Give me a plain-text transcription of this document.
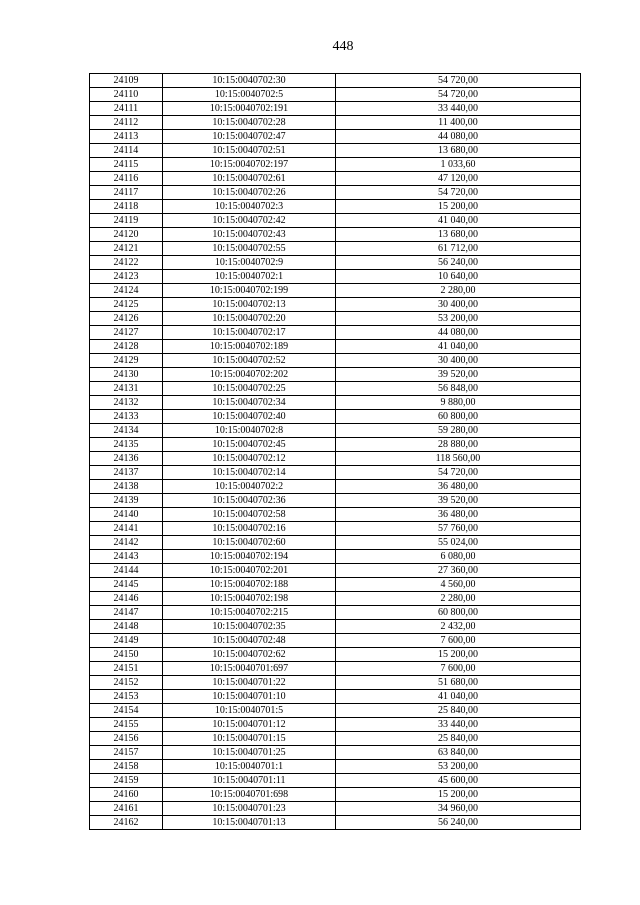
448
24109	10:15:0040702:30	54 720,00
24110	10:15:0040702:5	54 720,00
24111	10:15:0040702:191	33 440,00
24112	10:15:0040702:28	11 400,00
24113	10:15:0040702:47	44 080,00
24114	10:15:0040702:51	13 680,00
24115	10:15:0040702:197	1 033,60
24116	10:15:0040702:61	47 120,00
24117	10:15:0040702:26	54 720,00
24118	10:15:0040702:3	15 200,00
24119	10:15:0040702:42	41 040,00
24120	10:15:0040702:43	13 680,00
24121	10:15:0040702:55	61 712,00
24122	10:15:0040702:9	56 240,00
24123	10:15:0040702:1	10 640,00
24124	10:15:0040702:199	2 280,00
24125	10:15:0040702:13	30 400,00
24126	10:15:0040702:20	53 200,00
24127	10:15:0040702:17	44 080,00
24128	10:15:0040702:189	41 040,00
24129	10:15:0040702:52	30 400,00
24130	10:15:0040702:202	39 520,00
24131	10:15:0040702:25	56 848,00
24132	10:15:0040702:34	9 880,00
24133	10:15:0040702:40	60 800,00
24134	10:15:0040702:8	59 280,00
24135	10:15:0040702:45	28 880,00
24136	10:15:0040702:12	118 560,00
24137	10:15:0040702:14	54 720,00
24138	10:15:0040702:2	36 480,00
24139	10:15:0040702:36	39 520,00
24140	10:15:0040702:58	36 480,00
24141	10:15:0040702:16	57 760,00
24142	10:15:0040702:60	55 024,00
24143	10:15:0040702:194	6 080,00
24144	10:15:0040702:201	27 360,00
24145	10:15:0040702:188	4 560,00
24146	10:15:0040702:198	2 280,00
24147	10:15:0040702:215	60 800,00
24148	10:15:0040702:35	2 432,00
24149	10:15:0040702:48	7 600,00
24150	10:15:0040702:62	15 200,00
24151	10:15:0040701:697	7 600,00
24152	10:15:0040701:22	51 680,00
24153	10:15:0040701:10	41 040,00
24154	10:15:0040701:5	25 840,00
24155	10:15:0040701:12	33 440,00
24156	10:15:0040701:15	25 840,00
24157	10:15:0040701:25	63 840,00
24158	10:15:0040701:1	53 200,00
24159	10:15:0040701:11	45 600,00
24160	10:15:0040701:698	15 200,00
24161	10:15:0040701:23	34 960,00
24162	10:15:0040701:13	56 240,00
